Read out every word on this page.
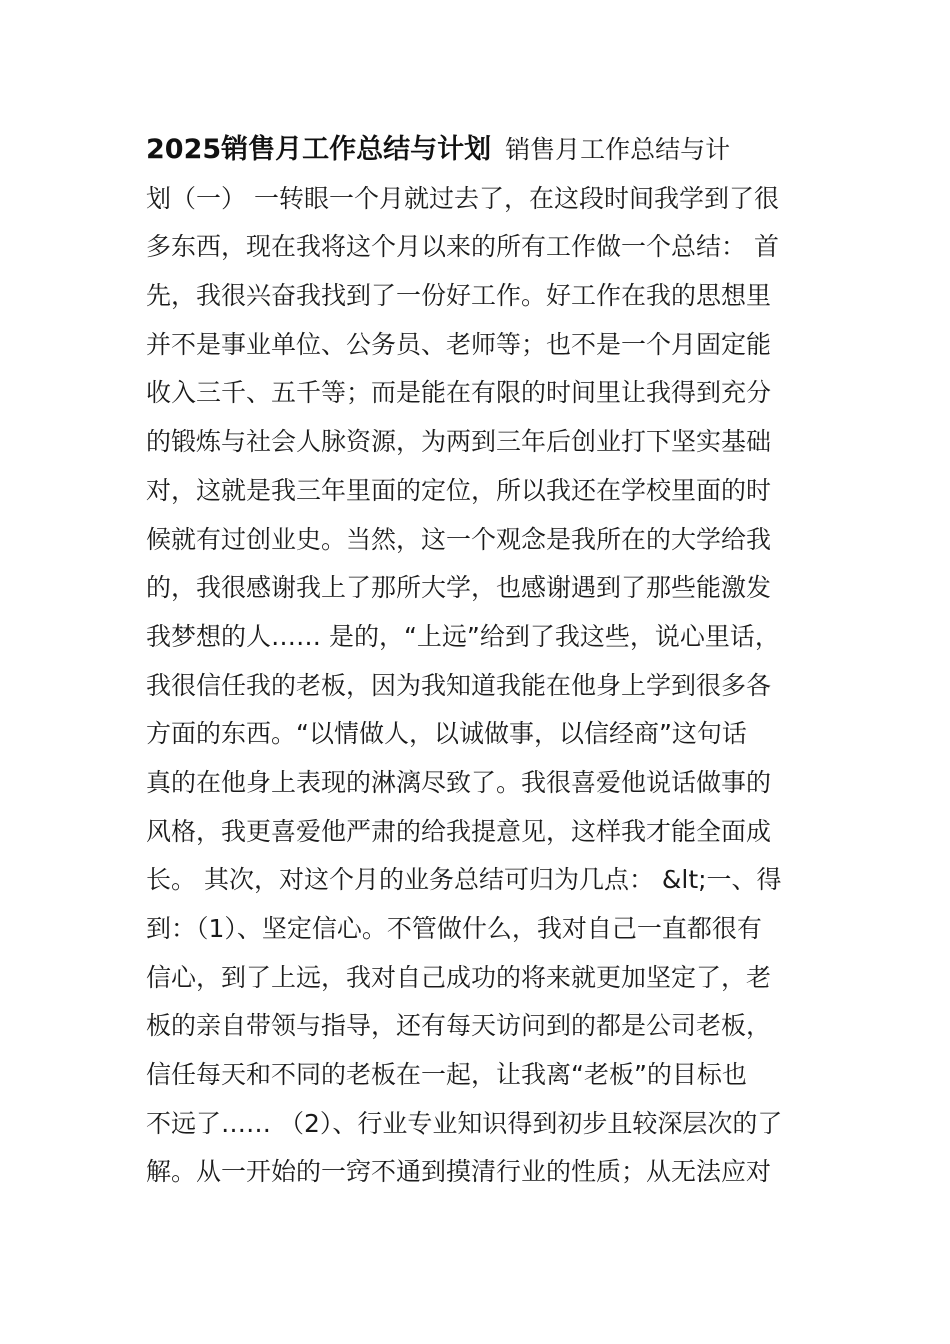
2025销售月工作总结与计划 销售月工作总结与计
划（一） 一转眼一个月就过去了，在这段时间我学到了很
多东西，现在我将这个月以来的所有工作做一个总结： 首
先，我很兴奋我找到了一份好工作。好工作在我的思想里
并不是事业单位、公务员、老师等；也不是一个月固定能
收入三千、五千等；而是能在有限的时间里让我得到充分
的锻炼与社会人脉资源，为两到三年后创业打下坚实基础
对，这就是我三年里面的定位，所以我还在学校里面的时
候就有过创业史。当然，这一个观念是我所在的大学给我
的，我很感谢我上了那所大学，也感谢遇到了那些能激发
我梦想的人…… 是的，“上远”给到了我这些，说心里话，
我很信任我的老板，因为我知道我能在他身上学到很多各
方面的东西。“以情做人，以诚做事，以信经商”这句话
真的在他身上表现的淋漓尽致了。我很喜爱他说话做事的
风格，我更喜爱他严肃的给我提意见，这样我才能全面成
长。 其次，对这个月的业务总结可归为几点： &lt;一、得
到：（1）、坚定信心。不管做什么，我对自己一直都很有
信心，到了上远，我对自己成功的将来就更加坚定了，老
板的亲自带领与指导，还有每天访问到的都是公司老板，
信任每天和不同的老板在一起，让我离“老板”的目标也
不远了…… （2）、行业专业知识得到初步且较深层次的了
解。从一开始的一窍不通到摸清行业的性质；从无法应对
